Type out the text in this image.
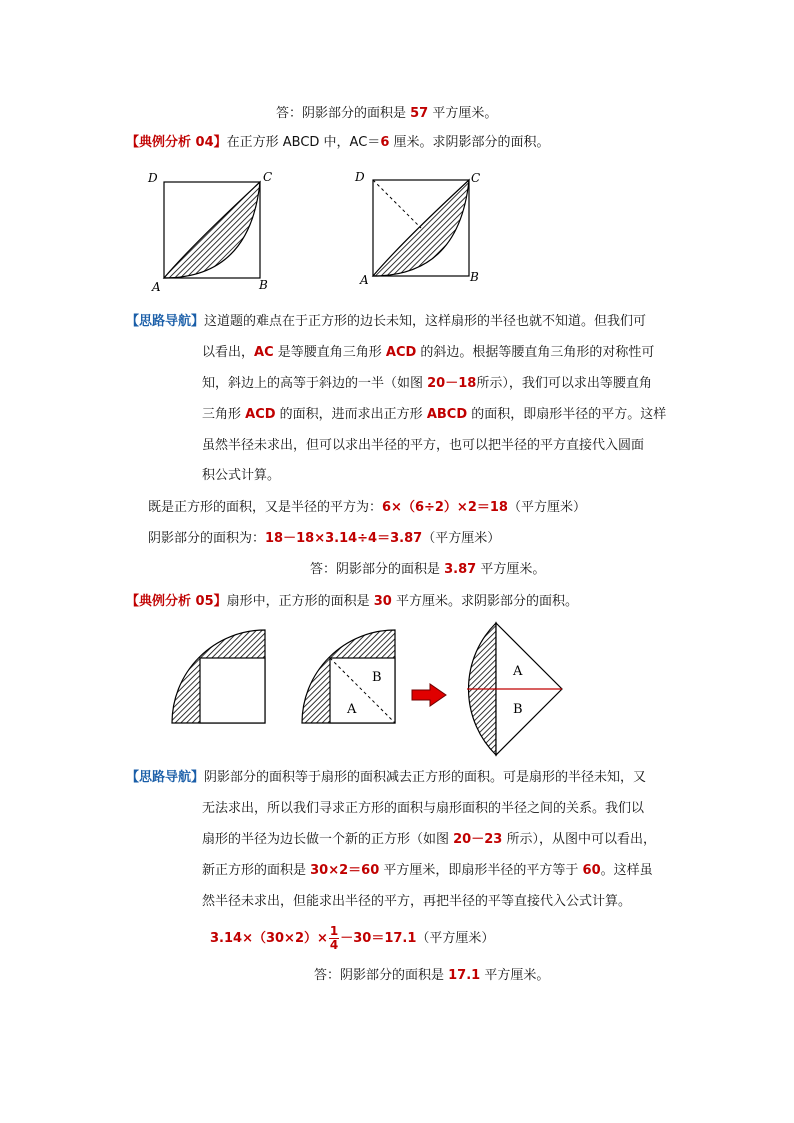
答：阴影部分的面积是 57 平方厘米。
【典例分析 04】在正方形 ABCD 中，AC＝6 厘米。求阴影部分的面积。
D	C
A	B
D	C
A	B
【思路导航】这道题的难点在于正方形的边长未知，这样扇形的半径也就不知道。但我们可
以看出，AC 是等腰直角三角形 ACD 的斜边。根据等腰直角三角形的对称性可
知，斜边上的高等于斜边的一半（如图 20－18所示），我们可以求出等腰直角
三角形 ACD 的面积，进而求出正方形 ABCD 的面积，即扇形半径的平方。这样
虽然半径未求出，但可以求出半径的平方，也可以把半径的平方直接代入圆面
积公式计算。
既是正方形的面积，又是半径的平方为：6×（6÷2）×2＝18（平方厘米）
阴影部分的面积为：18－18×3.14÷4＝3.87（平方厘米）
答：阴影部分的面积是 3.87 平方厘米。
【典例分析 05】扇形中，正方形的面积是 30 平方厘米。求阴影部分的面积。
B
A
A
B
【思路导航】阴影部分的面积等于扇形的面积减去正方形的面积。可是扇形的半径未知，又
无法求出，所以我们寻求正方形的面积与扇形面积的半径之间的关系。我们以
扇形的半径为边长做一个新的正方形（如图 20－23 所示），从图中可以看出，
新正方形的面积是 30×2＝60 平方厘米，即扇形半径的平方等于 60。这样虽
然半径未求出，但能求出半径的平方，再把半径的平等直接代入公式计算。
$3.14\times(30\times 2)\times \frac{1}{4} -30=17.1$（平方厘米）
答：阴影部分的面积是 17.1 平方厘米。
